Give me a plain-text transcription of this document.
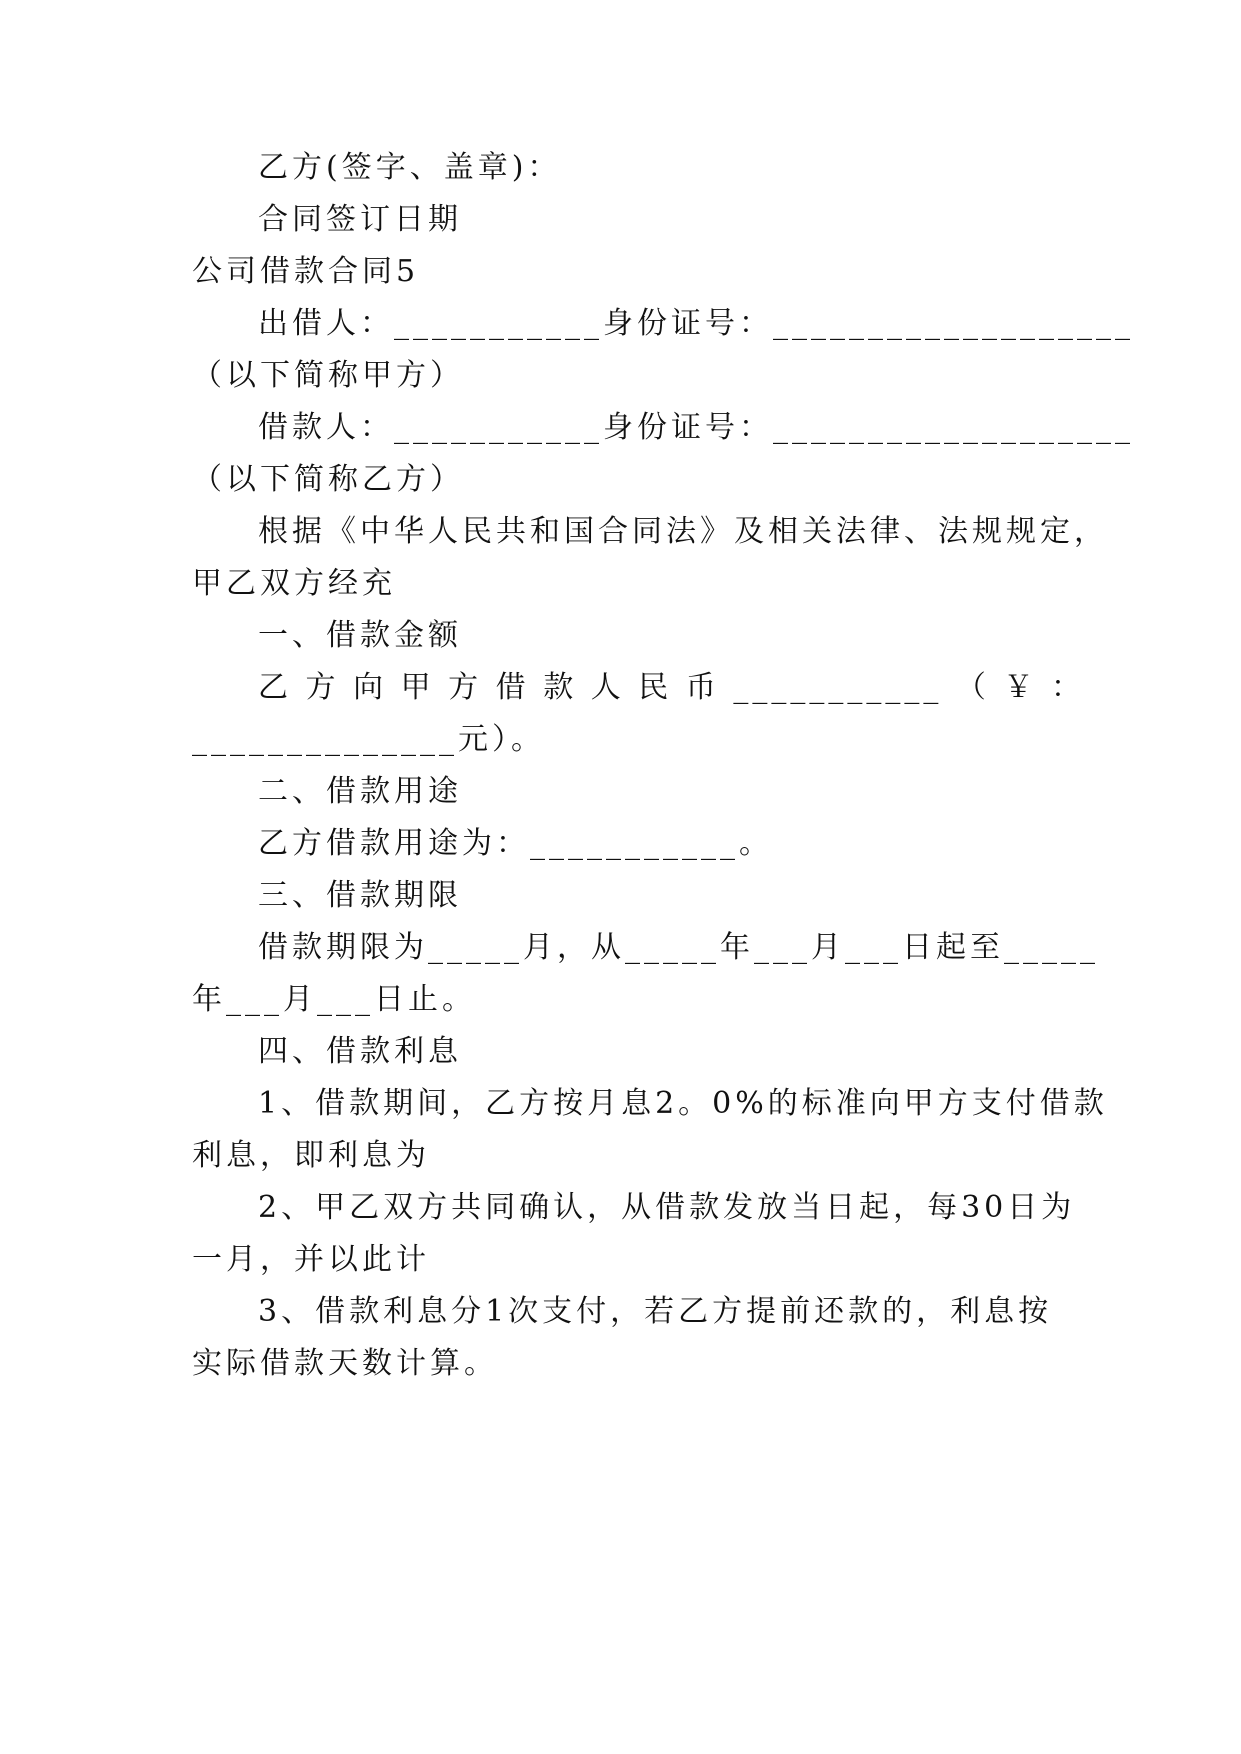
乙方(签字、盖章)：
合同签订日期
公司借款合同5
出借人：___________身份证号：___________________
（以下简称甲方）
借款人：___________身份证号：___________________
（以下简称乙方）
根据《中华人民共和国合同法》及相关法律、法规规定，
甲乙双方经充
一、借款金额
乙 方 向 甲 方 借 款 人 民 币 ___________ （ ￥ ：
______________元）。
二、借款用途
乙方借款用途为：___________。
三、借款期限
借款期限为_____月，从_____年___月___日起至_____
年___月___日止。
四、借款利息
1、借款期间，乙方按月息2。0%的标准向甲方支付借款
利息，即利息为
2、甲乙双方共同确认，从借款发放当日起，每30日为
一月，并以此计
3、借款利息分1次支付，若乙方提前还款的，利息按
实际借款天数计算。
